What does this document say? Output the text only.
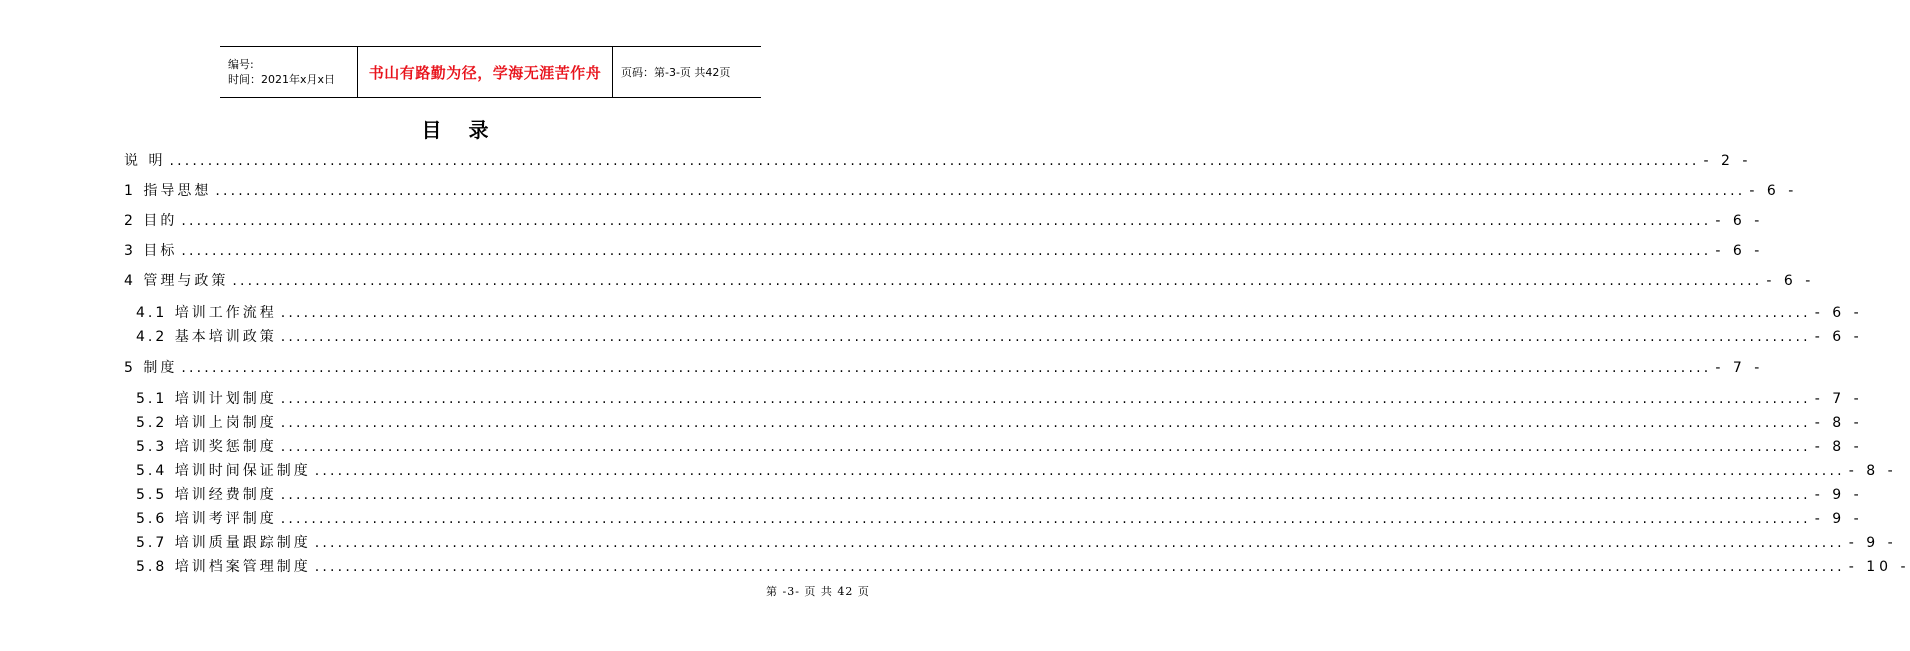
编号:
时间：2021年x月x日	书山有路勤为径，学海无涯苦作舟 页码：第-3-页 共42页
目 录
说 明 ........................................................................................................................................................................................................ - 2 -
1 指导思想 ........................................................................................................................................................................................................ - 6 -
2 目的 ........................................................................................................................................................................................................ - 6 -
3 目标 ........................................................................................................................................................................................................ - 6 -
4 管理与政策 ........................................................................................................................................................................................................ - 6 -
4.1 培训工作流程 ........................................................................................................................................................................................................ - 6 -
4.2 基本培训政策 ........................................................................................................................................................................................................ - 6 -
5 制度 ........................................................................................................................................................................................................ - 7 -
5.1 培训计划制度 ........................................................................................................................................................................................................ - 7 -
5.2 培训上岗制度 ........................................................................................................................................................................................................ - 8 -
5.3 培训奖惩制度 ........................................................................................................................................................................................................ - 8 -
5.4 培训时间保证制度 ........................................................................................................................................................................................................ - 8 -
5.5 培训经费制度 ........................................................................................................................................................................................................ - 9 -
5.6 培训考评制度 ........................................................................................................................................................................................................ - 9 -
5.7 培训质量跟踪制度 ........................................................................................................................................................................................................ - 9 -
5.8 培训档案管理制度 ........................................................................................................................................................................................................ - 10 -
第 -3- 页 共 42 页
